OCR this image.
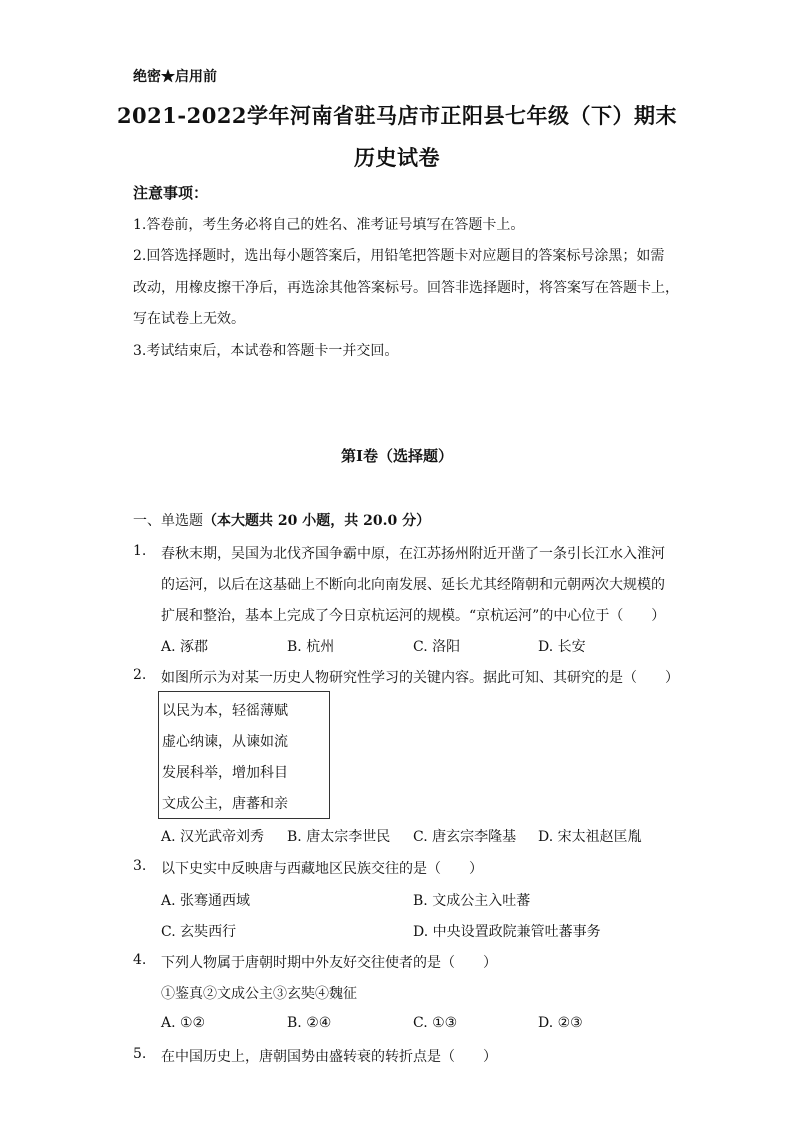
绝密★启用前
2021-2022学年河南省驻马店市正阳县七年级（下）期末
历史试卷
注意事项：
1.答卷前，考生务必将自己的姓名、准考证号填写在答题卡上。
2.回答选择题时，选出每小题答案后，用铅笔把答题卡对应题目的答案标号涂黑；如需
改动，用橡皮擦干净后，再选涂其他答案标号。回答非选择题时，将答案写在答题卡上，
写在试卷上无效。
3.考试结束后，本试卷和答题卡一并交回。
第Ⅰ卷（选择题）
一、单选题（本大题共 20 小题，共 20.0 分）
1. 春秋末期，吴国为北伐齐国争霸中原，在江苏扬州附近开凿了一条引长江水入淮河
的运河，以后在这基础上不断向北向南发展、延长尤其经隋朝和元朝两次大规模的
扩展和整治，基本上完成了今日京杭运河的规模。“京杭运河”的中心位于（　　）
A. 涿郡	B. 杭州	C. 洛阳	D. 长安
2. 如图所示为对某一历史人物研究性学习的关键内容。据此可知、其研究的是（　　）
以民为本，轻徭薄赋
虚心纳谏，从谏如流
发展科举，增加科目
文成公主，唐蕃和亲
A. 汉光武帝刘秀 B. 唐太宗李世民 C. 唐玄宗李隆基 D. 宋太祖赵匡胤
3. 以下史实中反映唐与西藏地区民族交往的是（　　）
A. 张骞通西域	B. 文成公主入吐蕃
C. 玄奘西行	D. 中央设置政院兼管吐蕃事务
4. 下列人物属于唐朝时期中外友好交往使者的是（　　）
①鉴真②文成公主③玄奘④魏征
A. ①②	B. ②④	C. ①③	D. ②③
5. 在中国历史上，唐朝国势由盛转衰的转折点是（　　）
